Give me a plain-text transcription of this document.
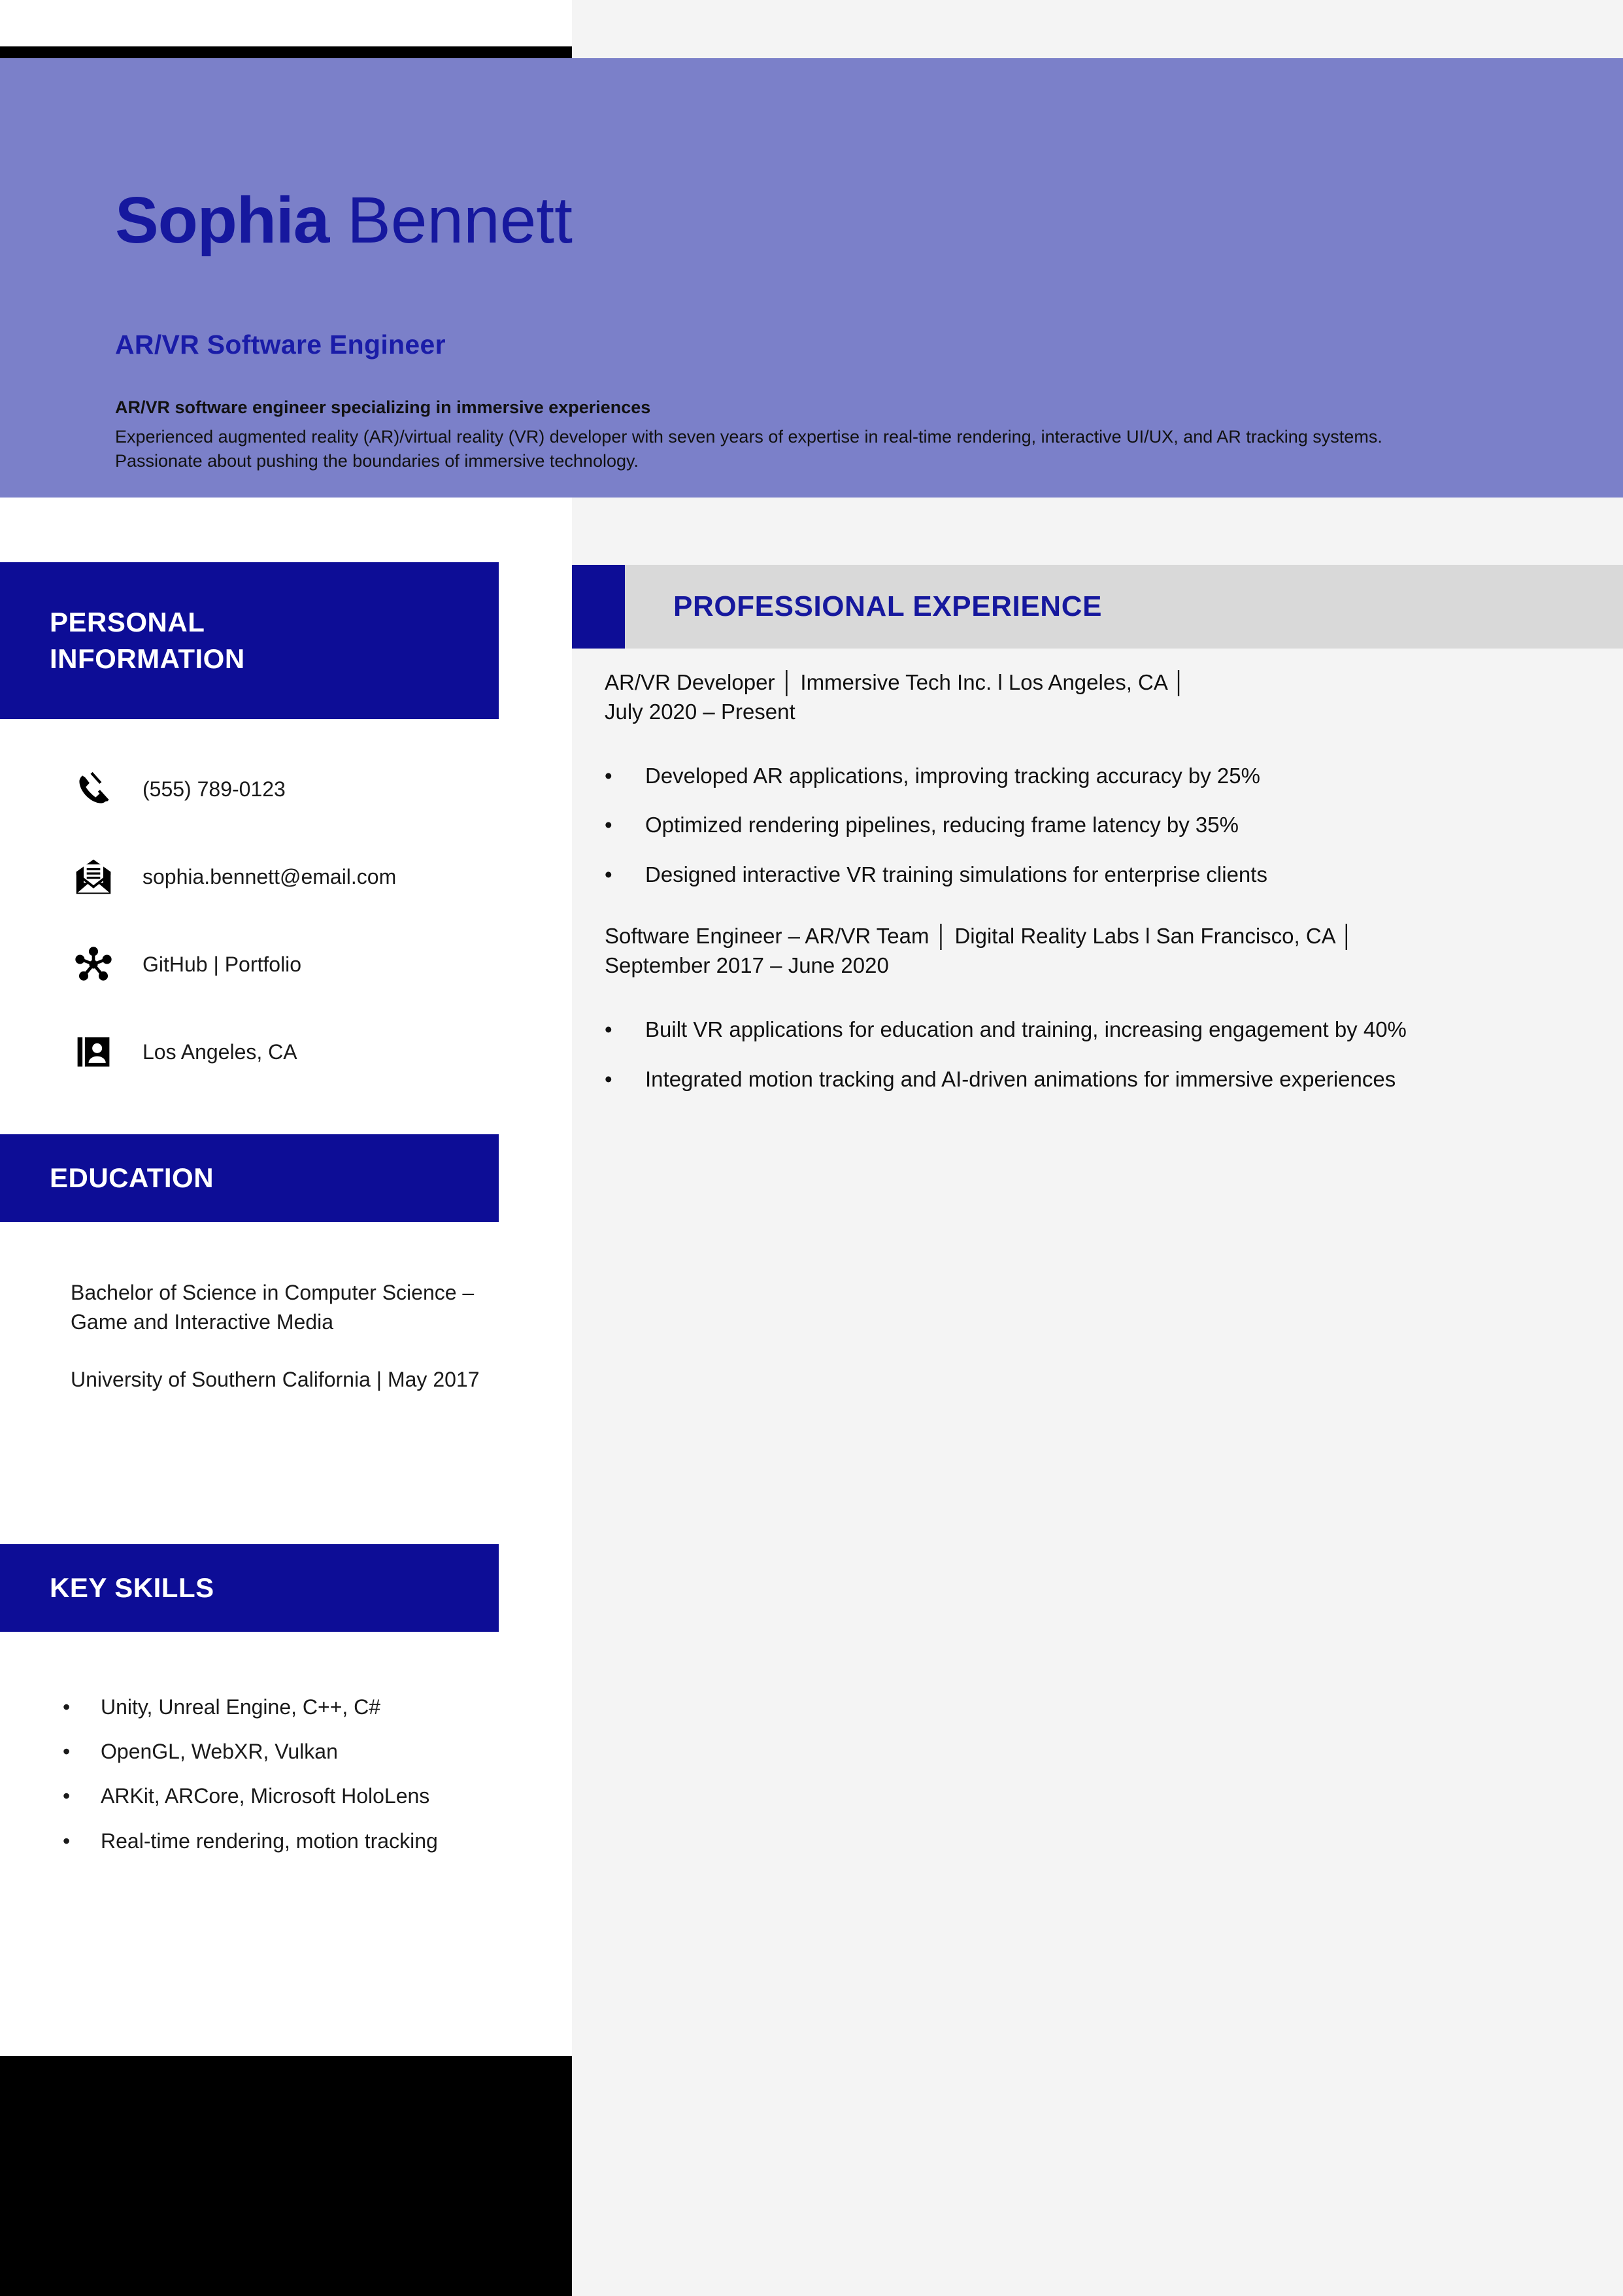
Sophia Bennett
AR/VR Software Engineer
AR/VR software engineer specializing in immersive experiences
Experienced augmented reality (AR)/virtual reality (VR) developer with seven years of expertise in real-time rendering, interactive UI/UX, and AR tracking systems. Passionate about pushing the boundaries of immersive technology.
PERSONAL
INFORMATION
(555) 789-0123
sophia.bennett@email.com
GitHub | Portfolio
Los Angeles, CA
EDUCATION
Bachelor of Science in Computer Science – Game and Interactive Media
University of Southern California | May 2017
KEY SKILLS
•	Unity, Unreal Engine, C++, C#
•	OpenGL, WebXR, Vulkan
•	ARKit, ARCore, Microsoft HoloLens
•	Real-time rendering, motion tracking
PROFESSIONAL EXPERIENCE
AR/VR Developer │ Immersive Tech Inc. l Los Angeles, CA │
July 2020 – Present
•	Developed AR applications, improving tracking accuracy by 25%
•	Optimized rendering pipelines, reducing frame latency by 35%
•	Designed interactive VR training simulations for enterprise clients
Software Engineer – AR/VR Team │ Digital Reality Labs l San Francisco, CA │
September 2017 – June 2020
•	Built VR applications for education and training, increasing engagement by 40%
•	Integrated motion tracking and AI-driven animations for immersive experiences
